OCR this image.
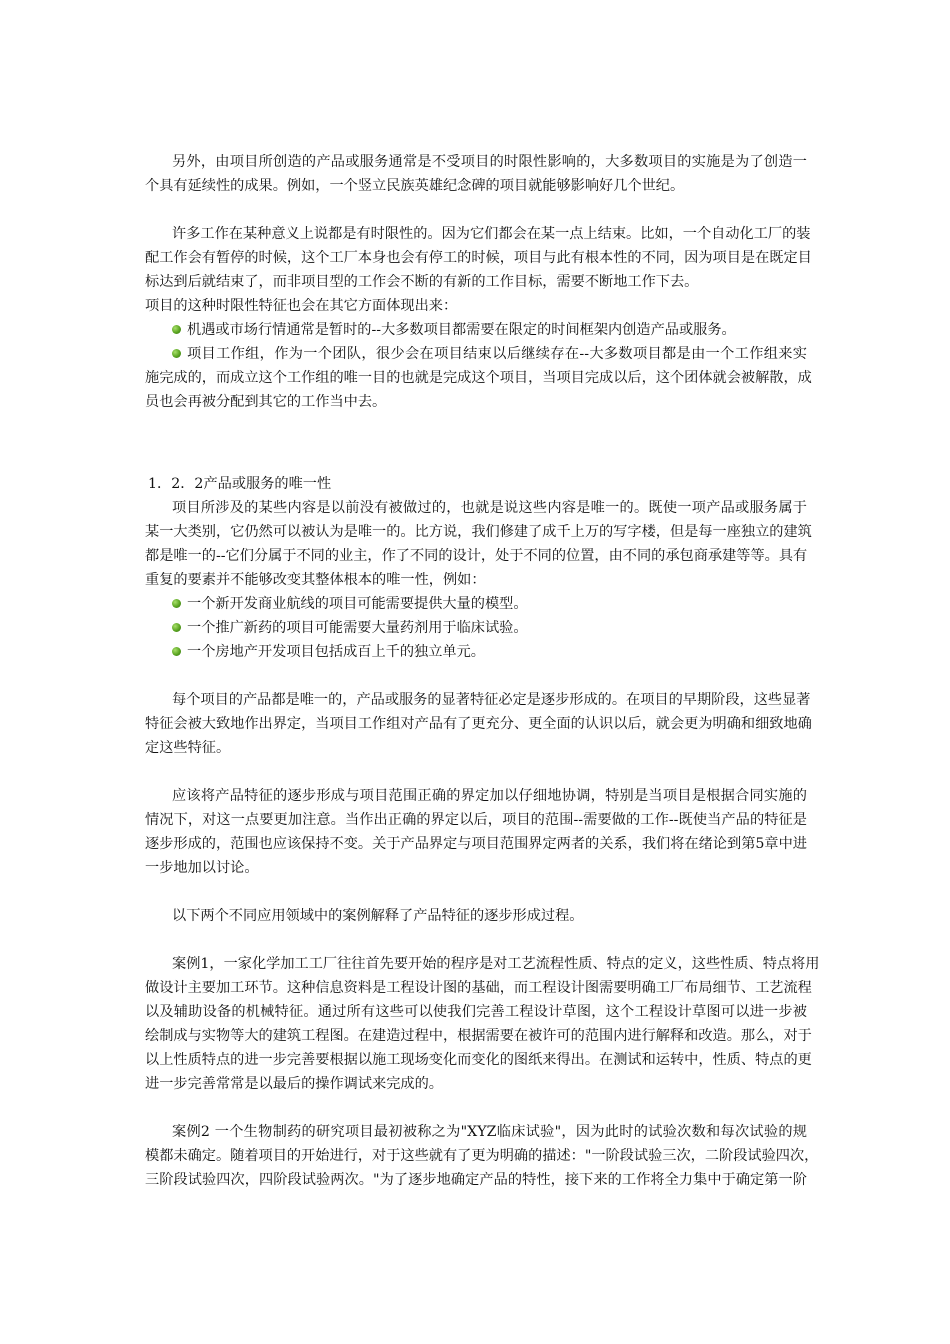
另外，由项目所创造的产品或服务通常是不受项目的时限性影响的，大多数项目的实施是为了创造一
个具有延续性的成果。例如，一个竖立民族英雄纪念碑的项目就能够影响好几个世纪。
许多工作在某种意义上说都是有时限性的。因为它们都会在某一点上结束。比如，一个自动化工厂的装
配工作会有暂停的时候，这个工厂本身也会有停工的时候，项目与此有根本性的不同，因为项目是在既定目
标达到后就结束了，而非项目型的工作会不断的有新的工作目标，需要不断地工作下去。
项目的这种时限性特征也会在其它方面体现出来：
机遇或市场行情通常是暂时的--大多数项目都需要在限定的时间框架内创造产品或服务。
项目工作组，作为一个团队，很少会在项目结束以后继续存在--大多数项目都是由一个工作组来实
施完成的，而成立这个工作组的唯一目的也就是完成这个项目，当项目完成以后，这个团体就会被解散，成
员也会再被分配到其它的工作当中去。
1．2．2产品或服务的唯一性
项目所涉及的某些内容是以前没有被做过的，也就是说这些内容是唯一的。既使一项产品或服务属于
某一大类别，它仍然可以被认为是唯一的。比方说，我们修建了成千上万的写字楼，但是每一座独立的建筑
都是唯一的--它们分属于不同的业主，作了不同的设计，处于不同的位置，由不同的承包商承建等等。具有
重复的要素并不能够改变其整体根本的唯一性，例如：
一个新开发商业航线的项目可能需要提供大量的模型。
一个推广新药的项目可能需要大量药剂用于临床试验。
一个房地产开发项目包括成百上千的独立单元。
每个项目的产品都是唯一的，产品或服务的显著特征必定是逐步形成的。在项目的早期阶段，这些显著
特征会被大致地作出界定，当项目工作组对产品有了更充分、更全面的认识以后，就会更为明确和细致地确
定这些特征。
应该将产品特征的逐步形成与项目范围正确的界定加以仔细地协调，特别是当项目是根据合同实施的
情况下，对这一点要更加注意。当作出正确的界定以后，项目的范围--需要做的工作--既使当产品的特征是
逐步形成的，范围也应该保持不变。关于产品界定与项目范围界定两者的关系，我们将在绪论到第5章中进
一步地加以讨论。
以下两个不同应用领域中的案例解释了产品特征的逐步形成过程。
案例1，一家化学加工工厂往往首先要开始的程序是对工艺流程性质、特点的定义，这些性质、特点将用
做设计主要加工环节。这种信息资料是工程设计图的基础，而工程设计图需要明确工厂布局细节、工艺流程
以及辅助设备的机械特征。通过所有这些可以使我们完善工程设计草图，这个工程设计草图可以进一步被
绘制成与实物等大的建筑工程图。在建造过程中，根据需要在被许可的范围内进行解释和改造。那么，对于
以上性质特点的进一步完善要根据以施工现场变化而变化的图纸来得出。在测试和运转中，性质、特点的更
进一步完善常常是以最后的操作调试来完成的。
案例2 一个生物制药的研究项目最初被称之为"XYZ临床试验"，因为此时的试验次数和每次试验的规
模都未确定。随着项目的开始进行，对于这些就有了更为明确的描述："一阶段试验三次，二阶段试验四次，
三阶段试验四次，四阶段试验两次。"为了逐步地确定产品的特性，接下来的工作将全力集中于确定第一阶
